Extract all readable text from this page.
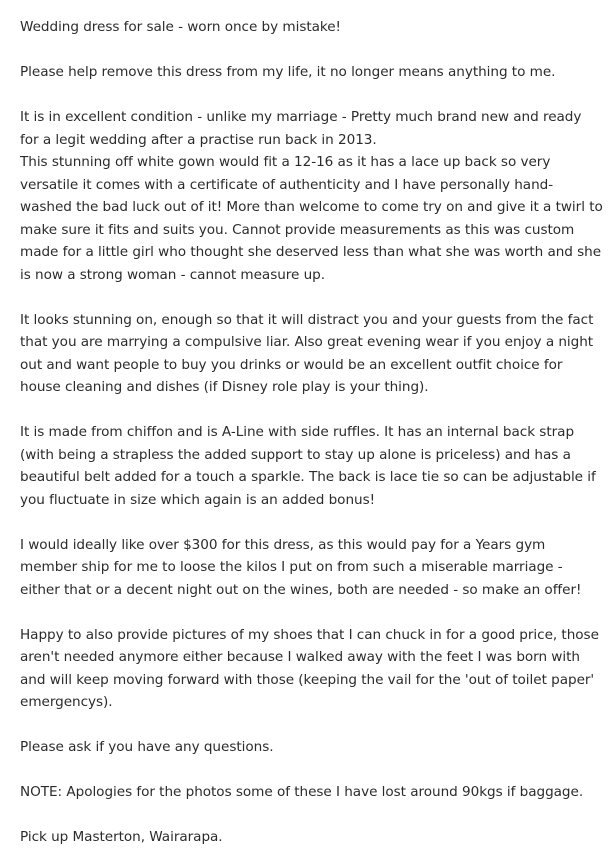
Wedding dress for sale - worn once by mistake!

Please help remove this dress from my life, it no longer means anything to me.

It is in excellent condition - unlike my marriage - Pretty much brand new and ready for a legit wedding after a practise run back in 2013.
This stunning off white gown would fit a 12-16 as it has a lace up back so very versatile it comes with a certificate of authenticity and I have personally hand-washed the bad luck out of it! More than welcome to come try on and give it a twirl to make sure it fits and suits you. Cannot provide measurements as this was custom made for a little girl who thought she deserved less than what she was worth and she is now a strong woman - cannot measure up.

It looks stunning on, enough so that it will distract you and your guests from the fact that you are marrying a compulsive liar. Also great evening wear if you enjoy a night out and want people to buy you drinks or would be an excellent outfit choice for house cleaning and dishes (if Disney role play is your thing).

It is made from chiffon and is A-Line with side ruffles. It has an internal back strap (with being a strapless the added support to stay up alone is priceless) and has a beautiful belt added for a touch a sparkle. The back is lace tie so can be adjustable if you fluctuate in size which again is an added bonus!

I would ideally like over $300 for this dress, as this would pay for a Years gym member ship for me to loose the kilos I put on from such a miserable marriage - either that or a decent night out on the wines, both are needed - so make an offer!

Happy to also provide pictures of my shoes that I can chuck in for a good price, those aren't needed anymore either because I walked away with the feet I was born with and will keep moving forward with those (keeping the vail for the 'out of toilet paper' emergencys).

Please ask if you have any questions.

NOTE: Apologies for the photos some of these I have lost around 90kgs if baggage.

Pick up Masterton, Wairarapa.
